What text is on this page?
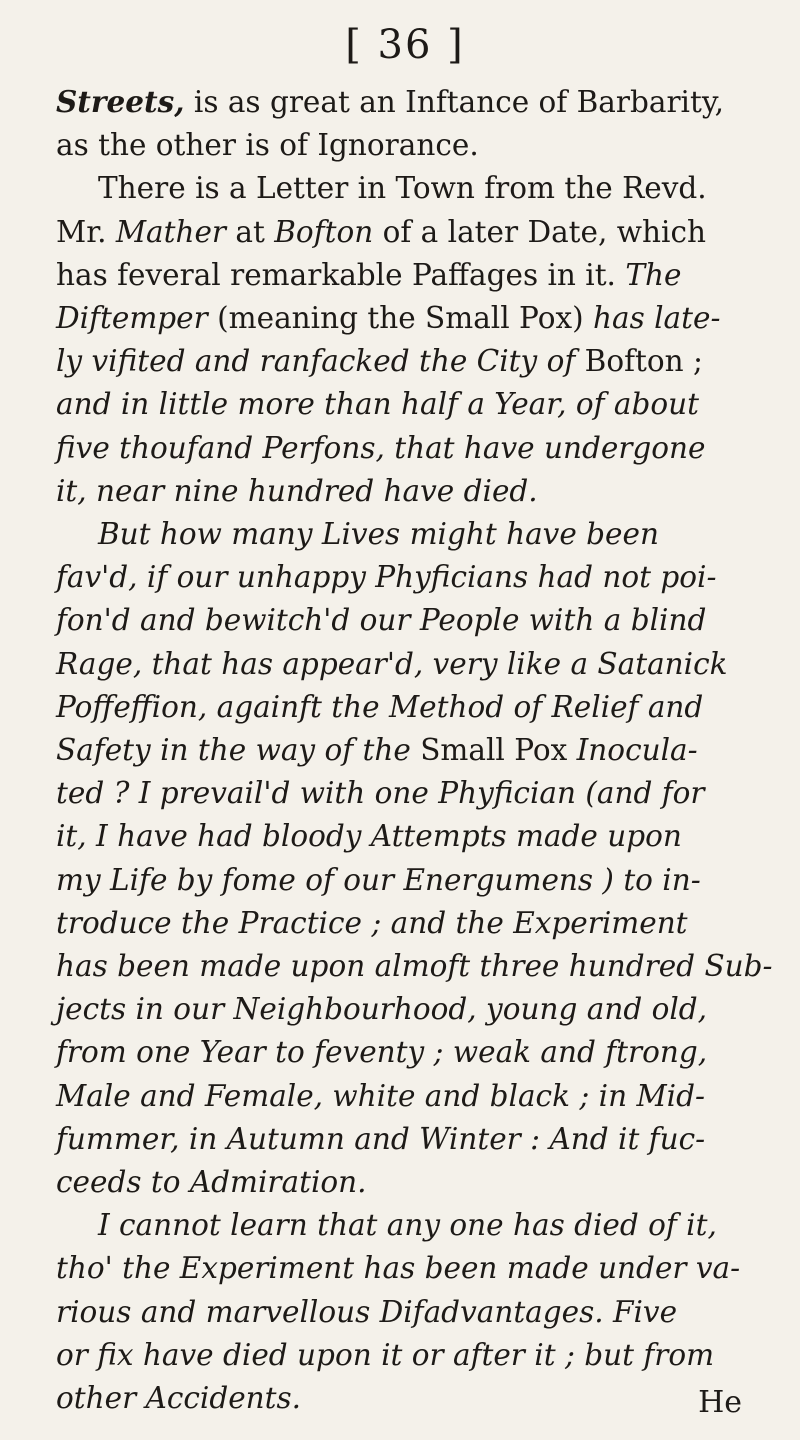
[ 36 ]
Streets, is as great an Inftance of Barbarity,
as the other is of Ignorance.
There is a Letter in Town from the Revd.
Mr. Mather at Bofton of a later Date, which
has feveral remarkable Paffages in it. The
Diftemper (meaning the Small Pox) has late-
ly vifited and ranfacked the City of Bofton ;
and in little more than half a Year, of about
five thoufand Perfons, that have undergone
it, near nine hundred have died.
But how many Lives might have been
fav'd, if our unhappy Phyficians had not poi-
fon'd and bewitch'd our People with a blind
Rage, that has appear'd, very like a Satanick
Poffeffion, againft the Method of Relief and
Safety in the way of the Small Pox Inocula-
ted ? I prevail'd with one Phyfician (and for
it, I have had bloody Attempts made upon
my Life by fome of our Energumens ) to in-
troduce the Practice ; and the Experiment
has been made upon almoft three hundred Sub-
jects in our Neighbourhood, young and old,
from one Year to feventy ; weak and ftrong,
Male and Female, white and black ; in Mid-
fummer, in Autumn and Winter : And it fuc-
ceeds to Admiration.
I cannot learn that any one has died of it,
tho' the Experiment has been made under va-
rious and marvellous Difadvantages. Five
or fix have died upon it or after it ; but from
other Accidents.	He
